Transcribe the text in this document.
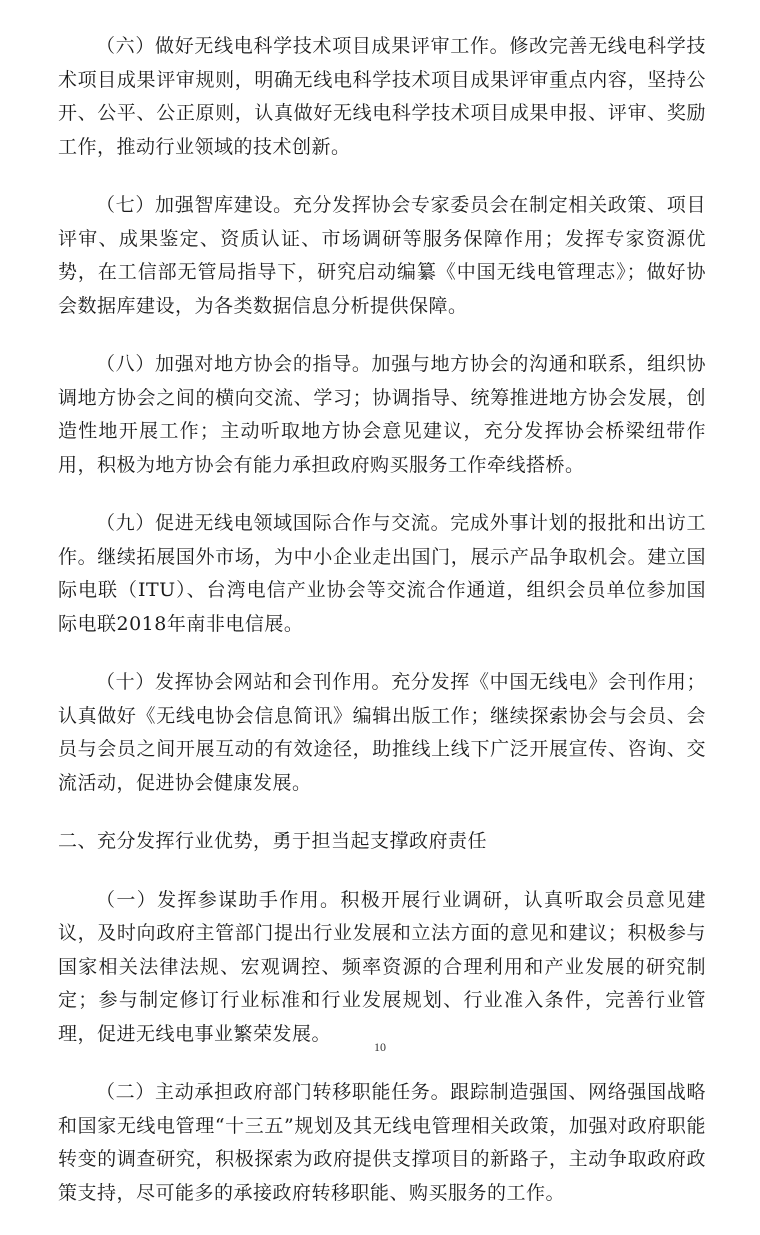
（六）做好无线电科学技术项目成果评审工作。修改完善无线电科学技术项目成果评审规则，明确无线电科学技术项目成果评审重点内容，坚持公开、公平、公正原则，认真做好无线电科学技术项目成果申报、评审、奖励工作，推动行业领域的技术创新。

（七）加强智库建设。充分发挥协会专家委员会在制定相关政策、项目评审、成果鉴定、资质认证、市场调研等服务保障作用；发挥专家资源优势，在工信部无管局指导下，研究启动编纂《中国无线电管理志》；做好协会数据库建设，为各类数据信息分析提供保障。

（八）加强对地方协会的指导。加强与地方协会的沟通和联系，组织协调地方协会之间的横向交流、学习；协调指导、统筹推进地方协会发展，创造性地开展工作；主动听取地方协会意见建议，充分发挥协会桥梁纽带作用，积极为地方协会有能力承担政府购买服务工作牵线搭桥。

（九）促进无线电领域国际合作与交流。完成外事计划的报批和出访工作。继续拓展国外市场，为中小企业走出国门，展示产品争取机会。建立国际电联（ITU）、台湾电信产业协会等交流合作通道，组织会员单位参加国际电联2018年南非电信展。

（十）发挥协会网站和会刊作用。充分发挥《中国无线电》会刊作用；认真做好《无线电协会信息简讯》编辑出版工作；继续探索协会与会员、会员与会员之间开展互动的有效途径，助推线上线下广泛开展宣传、咨询、交流活动，促进协会健康发展。

二、充分发挥行业优势，勇于担当起支撑政府责任

（一）发挥参谋助手作用。积极开展行业调研，认真听取会员意见建议，及时向政府主管部门提出行业发展和立法方面的意见和建议；积极参与国家相关法律法规、宏观调控、频率资源的合理利用和产业发展的研究制定；参与制定修订行业标准和行业发展规划、行业准入条件，完善行业管理，促进无线电事业繁荣发展。

（二）主动承担政府部门转移职能任务。跟踪制造强国、网络强国战略和国家无线电管理“十三五”规划及其无线电管理相关政策，加强对政府职能转变的调查研究，积极探索为政府提供支撑项目的新路子，主动争取政府政策支持，尽可能多的承接政府转移职能、购买服务的工作。

10
